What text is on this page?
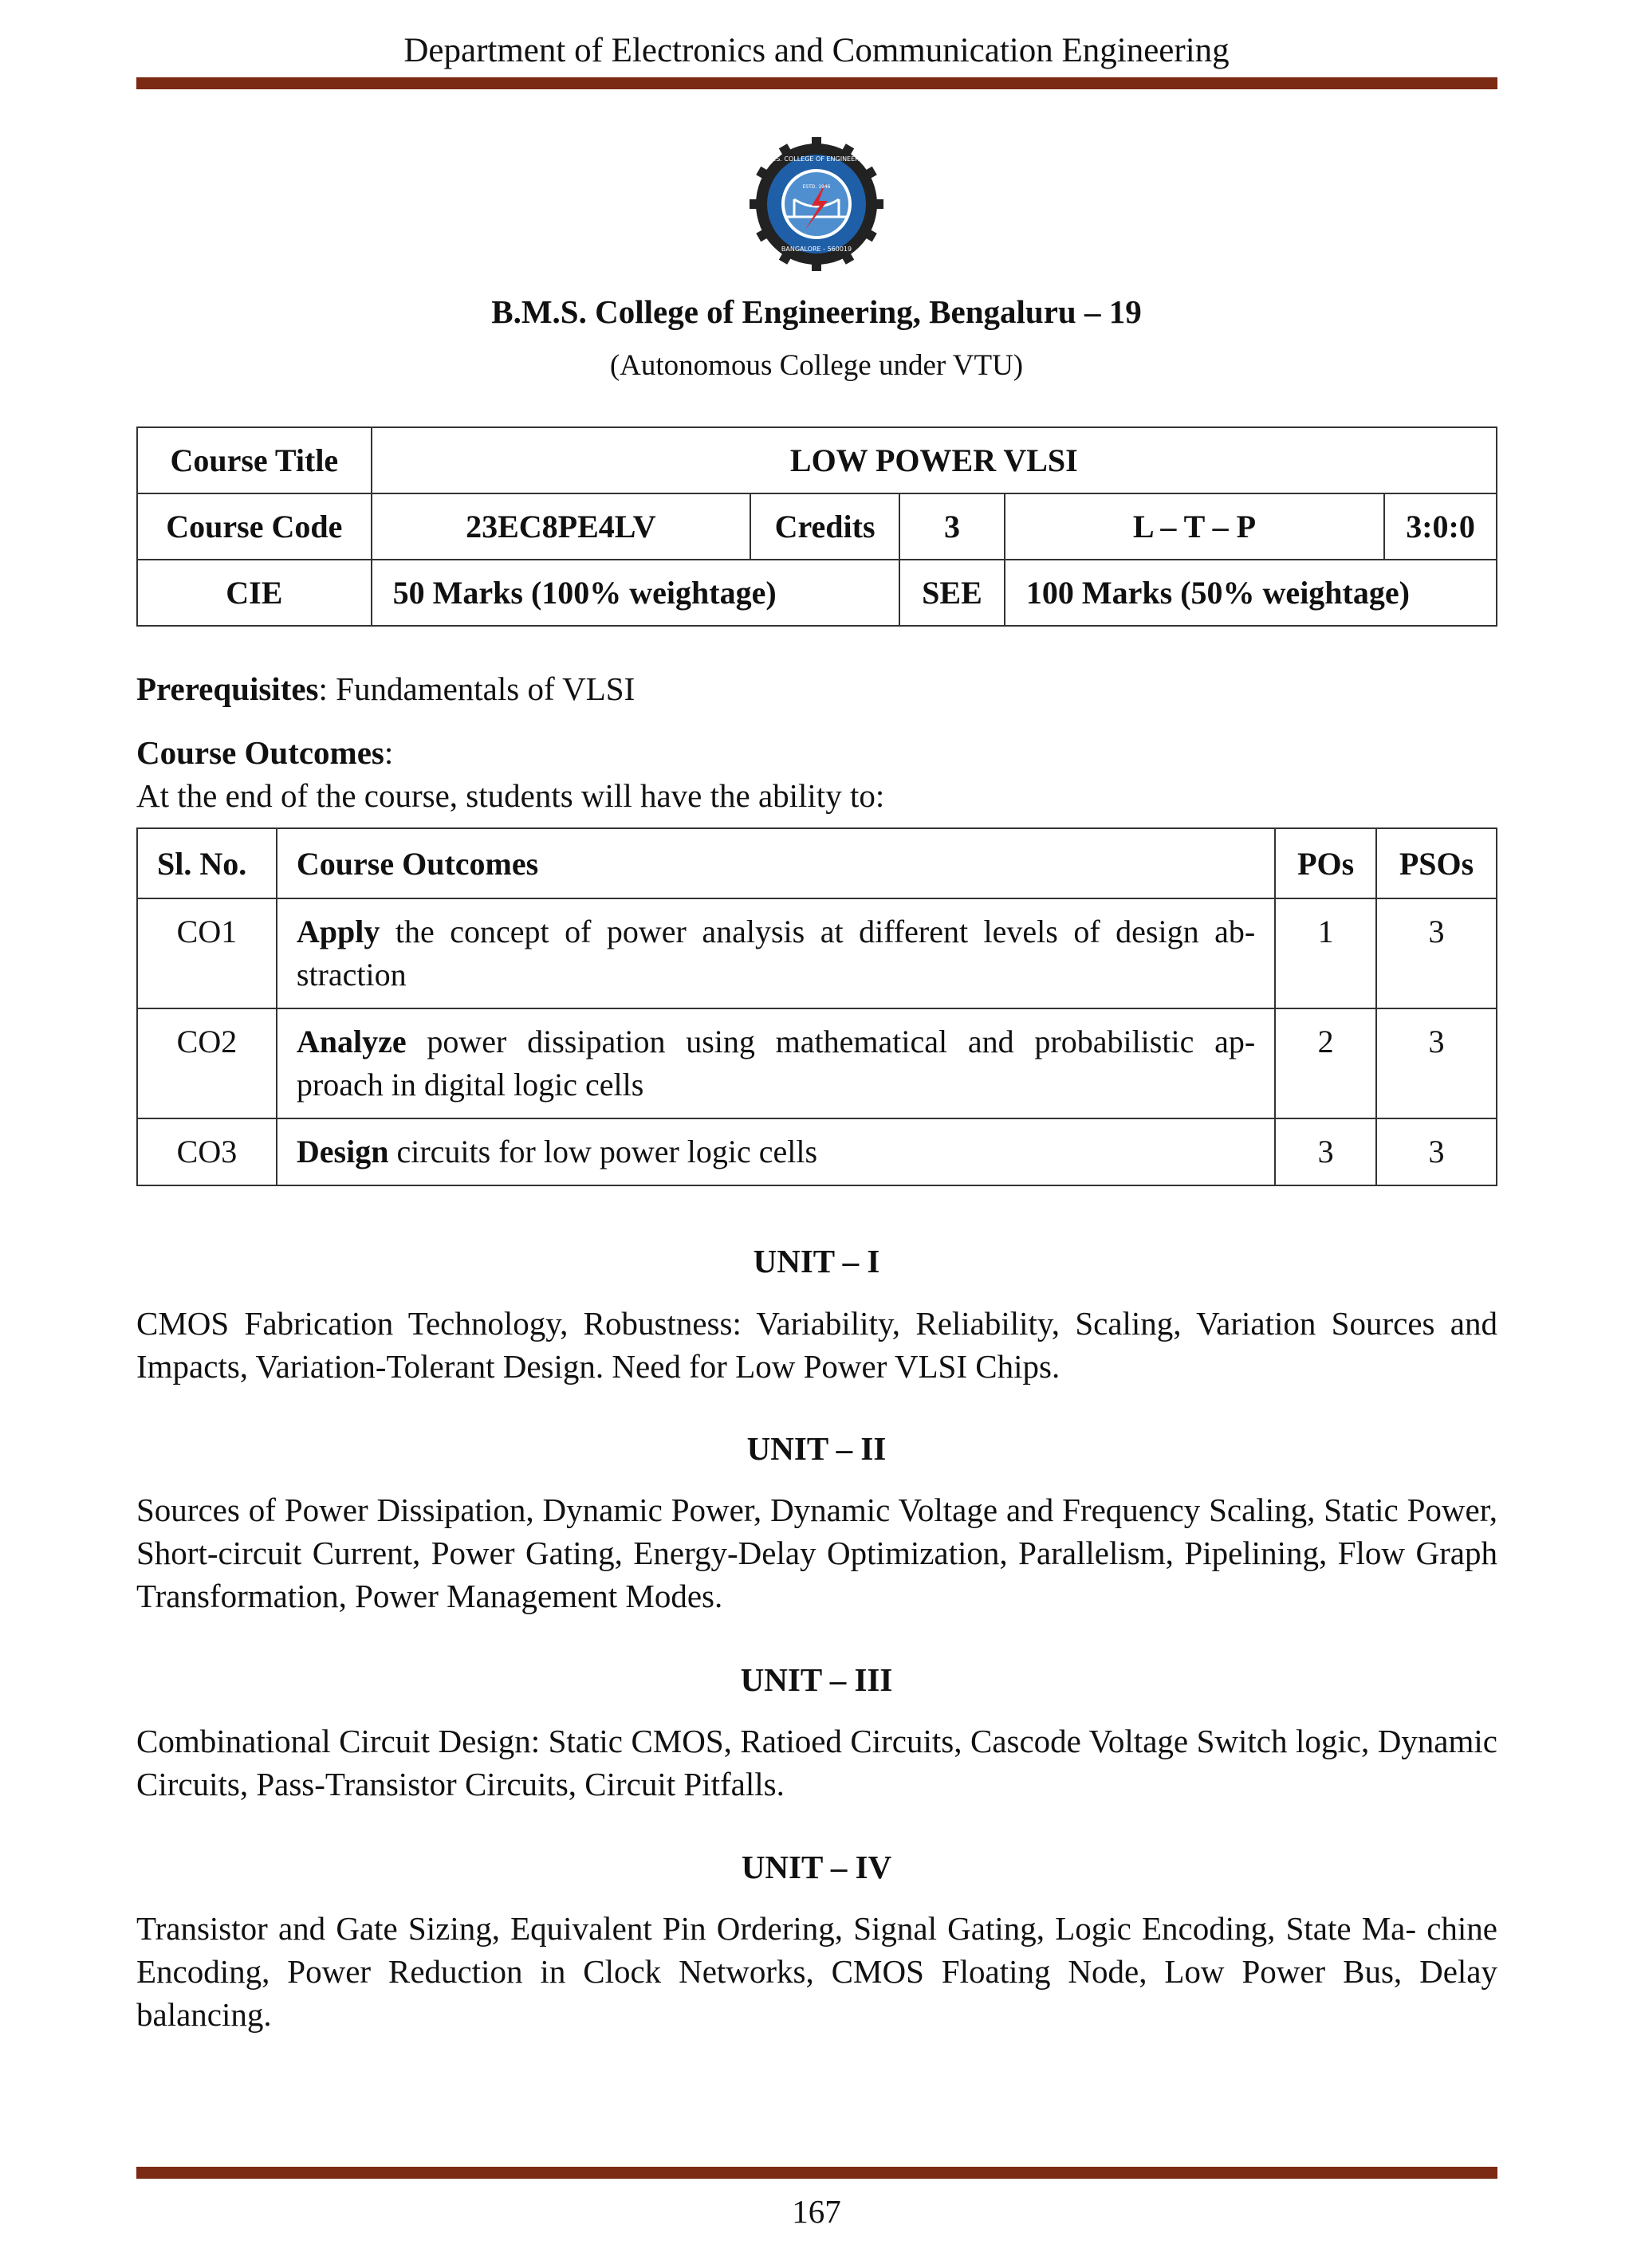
Department of Electronics and Communication Engineering
B.M.S. COLLEGE OF ENGINEERING
BANGALORE - 560019
ESTD. 1946
B.M.S. College of Engineering, Bengaluru – 19
(Autonomous College under VTU)
Course Title	LOW POWER VLSI				
Course Code	23EC8PE4LV	Credits	3	L – T – P	3:0:0
CIE	50 Marks (100% weightage)		SEE	100 Marks (50% weightage)	
Prerequisites: Fundamentals of VLSI
Course Outcomes:
At the end of the course, students will have the ability to:
Sl. No.	Course Outcomes	POs	PSOs
CO1	Apply the concept of power analysis at different levels of design ab- straction	1	3
CO2	Analyze power dissipation using mathematical and probabilistic ap- proach in digital logic cells	2	3
CO3	Design circuits for low power logic cells	3	3
UNIT – I
CMOS Fabrication Technology, Robustness: Variability, Reliability, Scaling, Variation Sources and Impacts, Variation-Tolerant Design. Need for Low Power VLSI Chips.
UNIT – II
Sources of Power Dissipation, Dynamic Power, Dynamic Voltage and Frequency Scaling, Static Power, Short-circuit Current, Power Gating, Energy-Delay Optimization, Parallelism, Pipelining, Flow Graph Transformation, Power Management Modes.
UNIT – III
Combinational Circuit Design: Static CMOS, Ratioed Circuits, Cascode Voltage Switch logic, Dynamic Circuits, Pass-Transistor Circuits, Circuit Pitfalls.
UNIT – IV
Transistor and Gate Sizing, Equivalent Pin Ordering, Signal Gating, Logic Encoding, State Ma- chine Encoding, Power Reduction in Clock Networks, CMOS Floating Node, Low Power Bus, Delay balancing.
167
